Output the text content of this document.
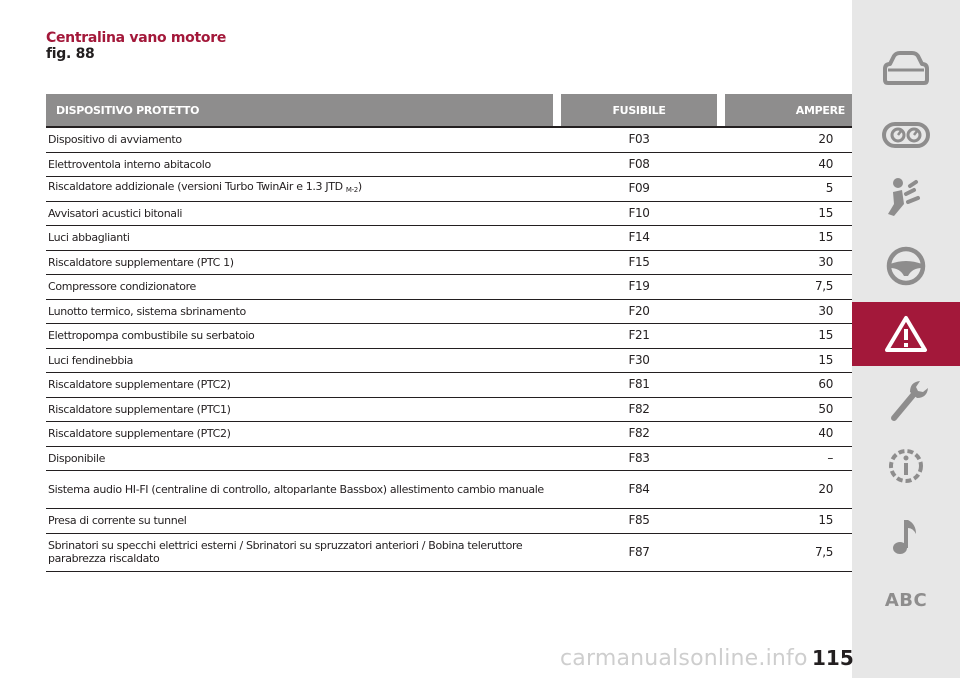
Centralina vano motore
fig. 88
DISPOSITIVO PROTETTO		FUSIBILE		AMPERE
Dispositivo di avviamento		F03		20
Elettroventola interno abitacolo		F08		40
Riscaldatore addizionale (versioni Turbo TwinAir e 1.3 JTD $_{M-2}$)		F09		5
Avvisatori acustici bitonali		F10		15
Luci abbaglianti		F14		15
Riscaldatore supplementare (PTC 1)		F15		30
Compressore condizionatore		F19		7,5
Lunotto termico, sistema sbrinamento		F20		30
Elettropompa combustibile su serbatoio		F21		15
Luci fendinebbia		F30		15
Riscaldatore supplementare (PTC2)		F81		60
Riscaldatore supplementare (PTC1)		F82		50
Riscaldatore supplementare (PTC2)		F82		40
Disponibile		F83		–
Sistema audio HI-FI (centraline di controllo, altoparlante Bassbox) allestimento cambio manuale		F84		20
Presa di corrente su tunnel		F85		15
Sbrinatori su specchi elettrici esterni / Sbrinatori su spruzzatori anteriori / Bobina teleruttore parabrezza riscaldato		F87		7,5
ABC
carmanualsonline.info 115
